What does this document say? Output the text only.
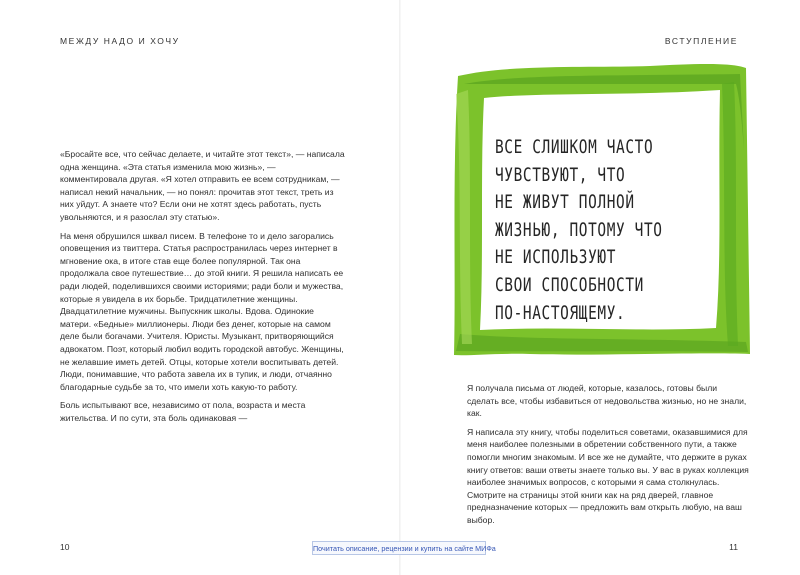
МЕЖДУ НАДО И ХОЧУ

«Бросайте все, что сейчас делаете, и читайте этот текст», — написала одна женщина. «Эта статья изменила мою жизнь», — комментировала другая. «Я хотел отправить ее всем сотрудникам, — написал некий начальник, — но понял: прочитав этот текст, треть из них уйдут. А знаете что? Если они не хотят здесь работать, пусть увольняются, и я разослал эту статью».

На меня обрушился шквал писем. В телефоне то и дело загорались оповещения из твиттера. Статья распространилась через интернет в мгновение ока, в итоге став еще более популярной. Так она продолжала свое путешествие… до этой книги. Я решила написать ее ради людей, поделившихся своими историями; ради боли и мужества, которые я увидела в их борьбе. Тридцатилетние женщины. Двадцатилетние мужчины. Выпускник школы. Вдова. Одинокие матери. «Бедные» миллионеры. Люди без денег, которые на самом деле были богачами. Учителя. Юристы. Музыкант, притворяющийся адвокатом. Поэт, который любил водить городской автобус. Женщины, не желавшие иметь детей. Отцы, которые хотели воспитывать детей. Люди, понимавшие, что работа завела их в тупик, и люди, отчаянно благодарные судьбе за то, что имели хоть какую-то работу.

Боль испытывают все, независимо от пола, возраста и места жительства. И по сути, эта боль одинаковая —

10
ВСТУПЛЕНИЕ
ВСЕ СЛИШКОМ ЧАСТО
ЧУВСТВУЮТ, ЧТО
НЕ ЖИВУТ ПОЛНОЙ
ЖИЗНЬЮ, ПОТОМУ ЧТО
НЕ ИСПОЛЬЗУЮТ
СВОИ СПОСОБНОСТИ
ПО-НАСТОЯЩЕМУ.

Я получала письма от людей, которые, казалось, готовы были сделать все, чтобы избавиться от недовольства жизнью, но не знали, как.

Я написала эту книгу, чтобы поделиться советами, оказавшимися для меня наиболее полезными в обретении собственного пути, а также помогли многим знакомым. И все же не думайте, что держите в руках книгу ответов: ваши ответы знаете только вы. У вас в руках коллекция наиболее значимых вопросов, с которыми я сама столкнулась. Смотрите на страницы этой книги как на ряд дверей, главное предназначение которых — предложить вам открыть любую, на ваш выбор.

11
Почитать описание, рецензии и купить на сайте МИФа
